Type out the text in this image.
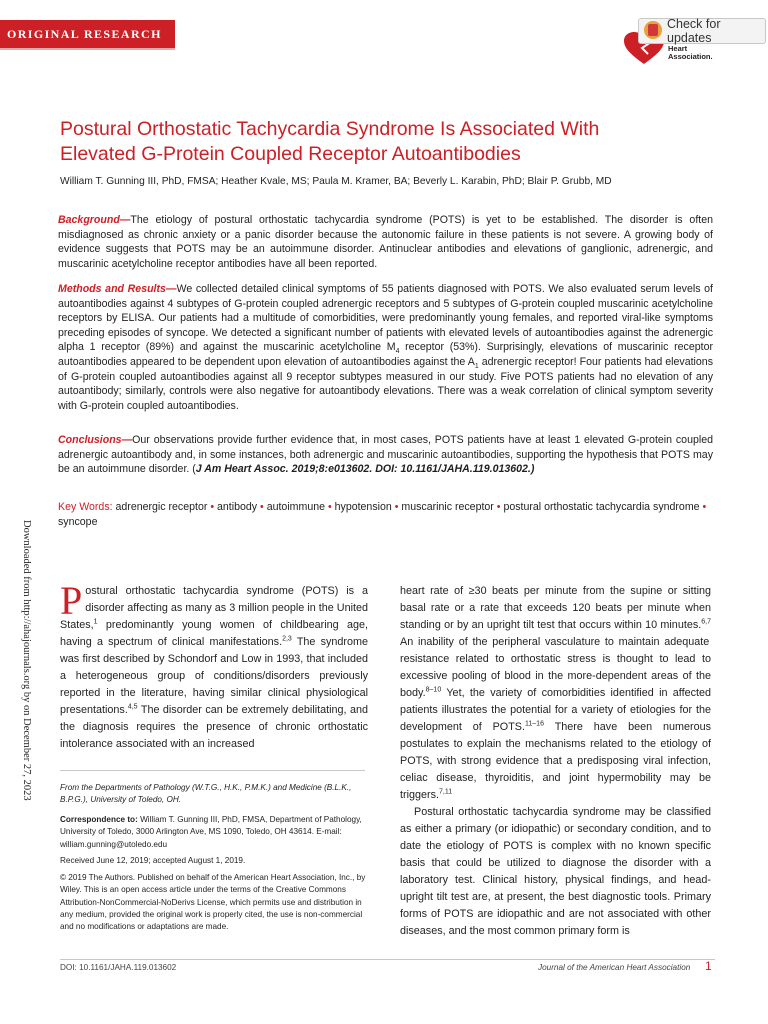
ORIGINAL RESEARCH
Check for updates
Heart
Association.
Postural Orthostatic Tachycardia Syndrome Is Associated With
Elevated G-Protein Coupled Receptor Autoantibodies
William T. Gunning III, PhD, FMSA; Heather Kvale, MS; Paula M. Kramer, BA; Beverly L. Karabin, PhD; Blair P. Grubb, MD
Background—The etiology of postural orthostatic tachycardia syndrome (POTS) is yet to be established. The disorder is often misdiagnosed as chronic anxiety or a panic disorder because the autonomic failure in these patients is not severe. A growing body of evidence suggests that POTS may be an autoimmune disorder. Antinuclear antibodies and elevations of ganglionic, adrenergic, and muscarinic acetylcholine receptor antibodies have all been reported.
Methods and Results—We collected detailed clinical symptoms of 55 patients diagnosed with POTS. We also evaluated serum levels of autoantibodies against 4 subtypes of G-protein coupled adrenergic receptors and 5 subtypes of G-protein coupled muscarinic acetylcholine receptors by ELISA. Our patients had a multitude of comorbidities, were predominantly young females, and reported viral-like symptoms preceding episodes of syncope. We detected a significant number of patients with elevated levels of autoantibodies against the adrenergic alpha 1 receptor (89%) and against the muscarinic acetylcholine $M_4$ receptor (53%). Surprisingly, elevations of muscarinic receptor autoantibodies appeared to be dependent upon elevation of autoantibodies against the $A_1$ adrenergic receptor! Four patients had elevations of G-protein coupled autoantibodies against all 9 receptor subtypes measured in our study. Five POTS patients had no elevation of any autoantibody; similarly, controls were also negative for autoantibody elevations. There was a weak correlation of clinical symptom severity with G-protein coupled autoantibodies.
Conclusions—Our observations provide further evidence that, in most cases, POTS patients have at least 1 elevated G-protein coupled adrenergic autoantibody and, in some instances, both adrenergic and muscarinic autoantibodies, supporting the hypothesis that POTS may be an autoimmune disorder. (J Am Heart Assoc. 2019;8:e013602. DOI: 10.1161/JAHA.119.013602.)
Key Words: adrenergic receptor • antibody • autoimmune • hypotension • muscarinic receptor • postural orthostatic tachycardia syndrome • syncope
Downloaded from http://ahajournals.org by on December 27, 2023 Postural orthostatic tachycardia syndrome (POTS) is a disorder affecting as many as 3 million people in the United States,$^1$ predominantly young women of childbearing age, having a spectrum of clinical manifestations.$^{2,3}$ The syndrome was first described by Schondorf and Low in 1993, that included a heterogeneous group of conditions/disorders previously reported in the literature, having similar clinical physiological presentations.$^{4,5}$ The disorder can be extremely debilitating, and the diagnosis requires the presence of chronic orthostatic intolerance associated with an increased
From the Departments of Pathology (W.T.G., H.K., P.M.K.) and Medicine (B.L.K., B.P.G.), University of Toledo, OH.
Correspondence to: William T. Gunning III, PhD, FMSA, Department of Pathology, University of Toledo, 3000 Arlington Ave, MS 1090, Toledo, OH 43614. E-mail: william.gunning@utoledo.edu
Received June 12, 2019; accepted August 1, 2019.
© 2019 The Authors. Published on behalf of the American Heart Association, Inc., by Wiley. This is an open access article under the terms of the Creative Commons Attribution-NonCommercial-NoDerivs License, which permits use and distribution in any medium, provided the original work is properly cited, the use is non-commercial and no modifications or adaptations are made.
heart rate of ≥30 beats per minute from the supine or sitting basal rate or a rate that exceeds 120 beats per minute when standing or by an upright tilt test that occurs within 10 minutes.$^{6,7}$ An inability of the peripheral vasculature to maintain adequate resistance related to orthostatic stress is thought to lead to excessive pooling of blood in the more-dependent areas of the body.$^{8-10}$ Yet, the variety of comorbidities identified in affected patients illustrates the potential for a variety of etiologies for the development of POTS.$^{11-16}$ There have been numerous postulates to explain the mechanisms related to the etiology of POTS, with strong evidence that a predisposing viral infection, celiac disease, thyroiditis, and joint hypermobility may be triggers.$^{7,11}$
Postural orthostatic tachycardia syndrome may be classified as either a primary (or idiopathic) or secondary condition, and to date the etiology of POTS is complex with no known specific basis that could be utilized to diagnose the disorder with a laboratory test. Clinical history, physical findings, and head-upright tilt test are, at present, the best diagnostic tools. Primary forms of POTS are idiopathic and are not associated with other diseases, and the most common primary form is
DOI: 10.1161/JAHA.119.013602	Journal of the American Heart Association 1
